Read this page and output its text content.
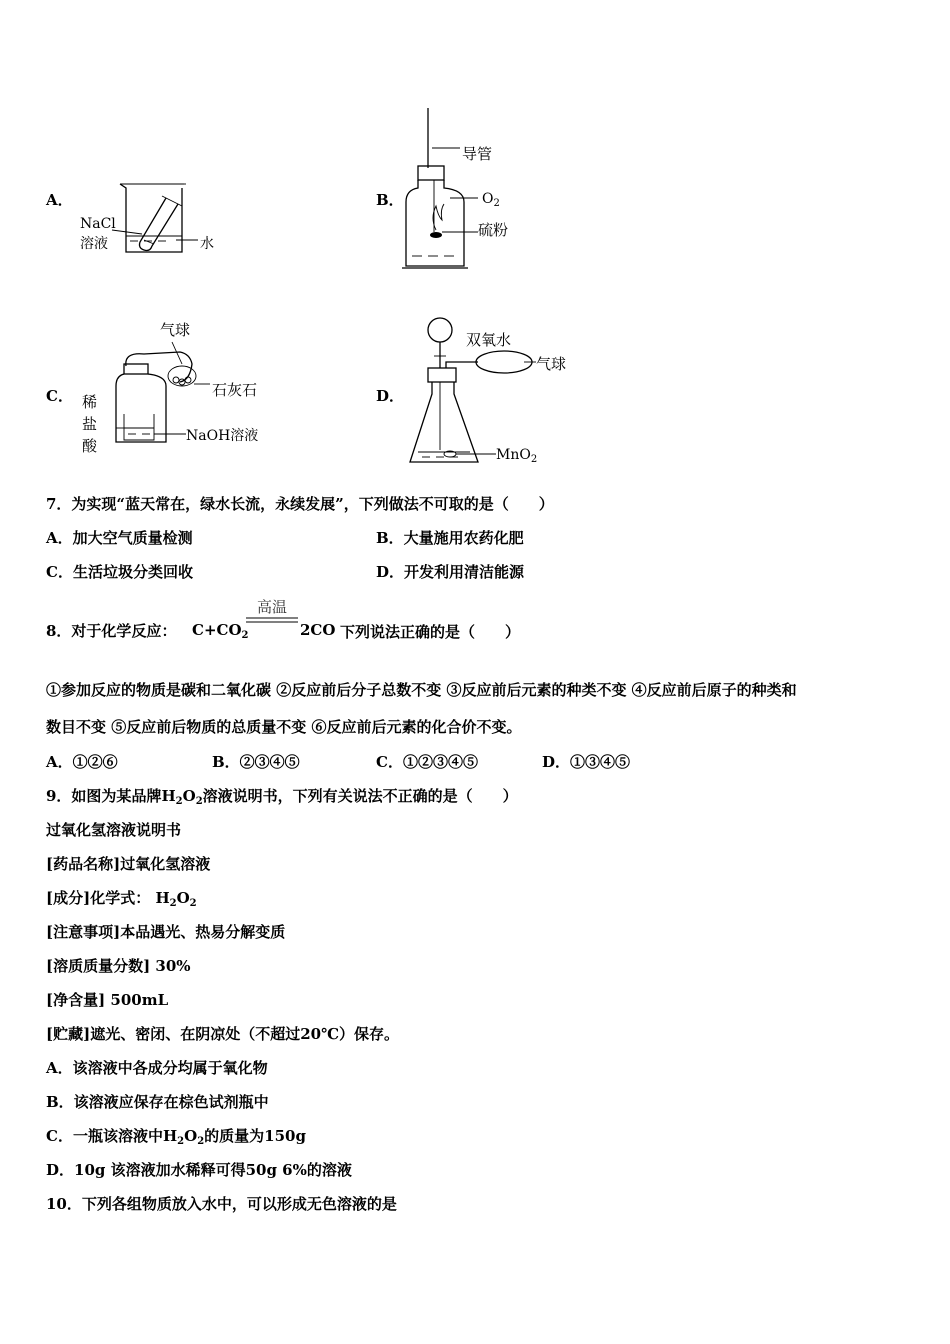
A．
NaCl
溶液	水
B．
导管
$O_2$
硫粉
C．
气球
石灰石
稀
盐
酸
NaOH溶液
D．
双氧水
气球
MnO$_2$
7．为实现“蓝天常在，绿水长流，永续发展”，下列做法不可取的是（　　）
A．加大空气质量检测	B．大量施用农药化肥
C．生活垃圾分类回收	D．开发利用清洁能源
8．对于化学反应： $C+CO_2$
高温
2CO 下列说法正确的是（　　）
①参加反应的物质是碳和二氧化碳 ②反应前后分子总数不变 ③反应前后元素的种类不变 ④反应前后原子的种类和
数目不变 ⑤反应前后物质的总质量不变 ⑥反应前后元素的化合价不变。
A．①②⑥	B．②③④⑤	C．①②③④⑤	D．①③④⑤
9．如图为某品牌$H_2O_2$溶液说明书，下列有关说法不正确的是（　　）
过氧化氢溶液说明书
[药品名称]过氧化氢溶液
[成分]化学式： $H_2O_2$
[注意事项]本品遇光、热易分解变质
[溶质质量分数] 30%
[净含量] 500mL
[贮藏]遮光、密闭、在阴凉处（不超过20℃）保存。
A．该溶液中各成分均属于氧化物
B．该溶液应保存在棕色试剂瓶中
C．一瓶该溶液中$H_2O_2$的质量为150g
D．10g 该溶液加水稀释可得50g 6%的溶液
10．下列各组物质放入水中，可以形成无色溶液的是
